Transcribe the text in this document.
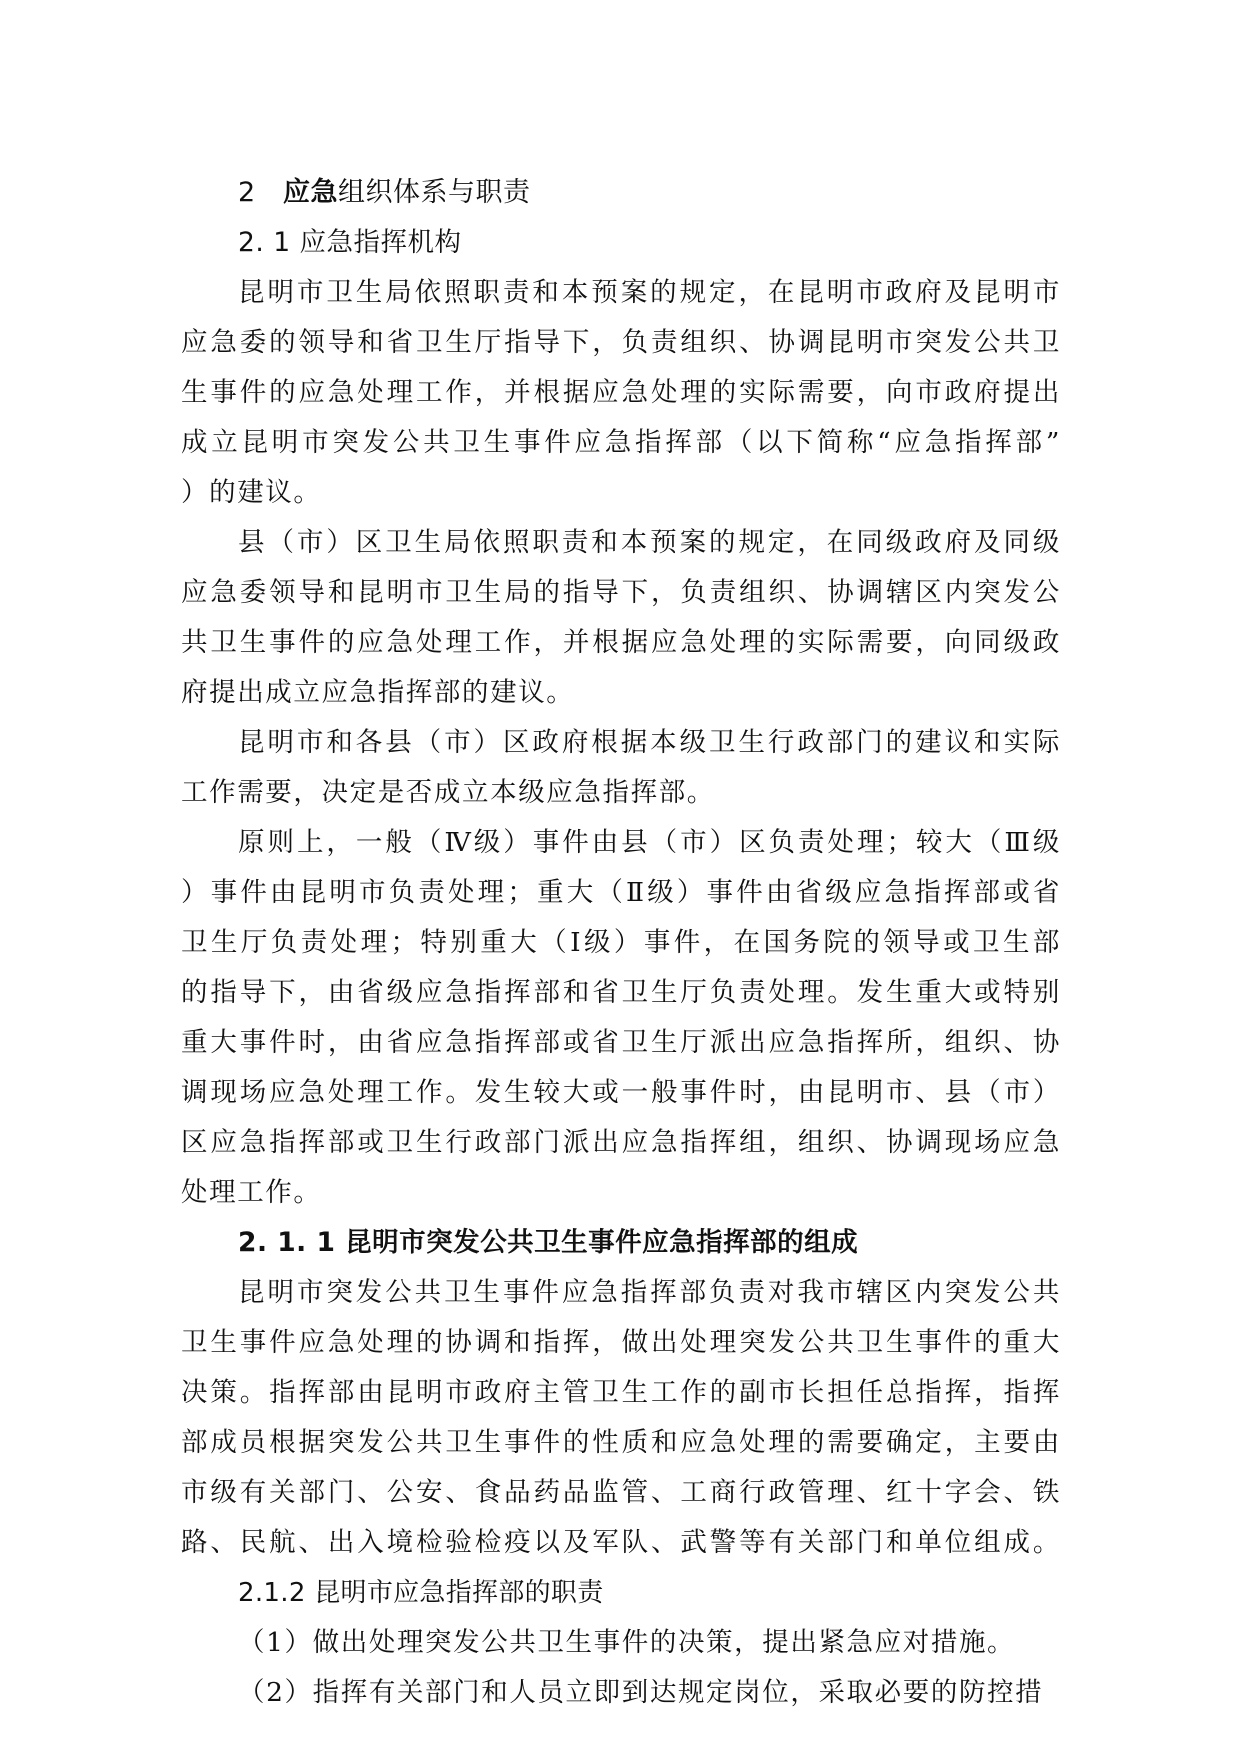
2 应急组织体系与职责
2. 1 应急指挥机构
昆明市卫生局依照职责和本预案的规定，在昆明市政府及昆明市
应急委的领导和省卫生厅指导下，负责组织、协调昆明市突发公共卫
生事件的应急处理工作，并根据应急处理的实际需要，向市政府提出
成立昆明市突发公共卫生事件应急指挥部（以下简称“应急指挥部”
）的建议。
县（市）区卫生局依照职责和本预案的规定，在同级政府及同级
应急委领导和昆明市卫生局的指导下，负责组织、协调辖区内突发公
共卫生事件的应急处理工作，并根据应急处理的实际需要，向同级政
府提出成立应急指挥部的建议。
昆明市和各县（市）区政府根据本级卫生行政部门的建议和实际
工作需要，决定是否成立本级应急指挥部。
原则上，一般（Ⅳ级）事件由县（市）区负责处理；较大（Ⅲ级
）事件由昆明市负责处理；重大（Ⅱ级）事件由省级应急指挥部或省
卫生厅负责处理；特别重大（Ⅰ级）事件，在国务院的领导或卫生部
的指导下，由省级应急指挥部和省卫生厅负责处理。发生重大或特别
重大事件时，由省应急指挥部或省卫生厅派出应急指挥所，组织、协
调现场应急处理工作。发生较大或一般事件时，由昆明市、县（市）
区应急指挥部或卫生行政部门派出应急指挥组，组织、协调现场应急
处理工作。
2. 1. 1 昆明市突发公共卫生事件应急指挥部的组成
昆明市突发公共卫生事件应急指挥部负责对我市辖区内突发公共
卫生事件应急处理的协调和指挥，做出处理突发公共卫生事件的重大
决策。指挥部由昆明市政府主管卫生工作的副市长担任总指挥，指挥
部成员根据突发公共卫生事件的性质和应急处理的需要确定，主要由
市级有关部门、公安、食品药品监管、工商行政管理、红十字会、铁
路、民航、出入境检验检疫以及军队、武警等有关部门和单位组成。
2.1.2 昆明市应急指挥部的职责
（1）做出处理突发公共卫生事件的决策，提出紧急应对措施。
（2）指挥有关部门和人员立即到达规定岗位，采取必要的防控措
